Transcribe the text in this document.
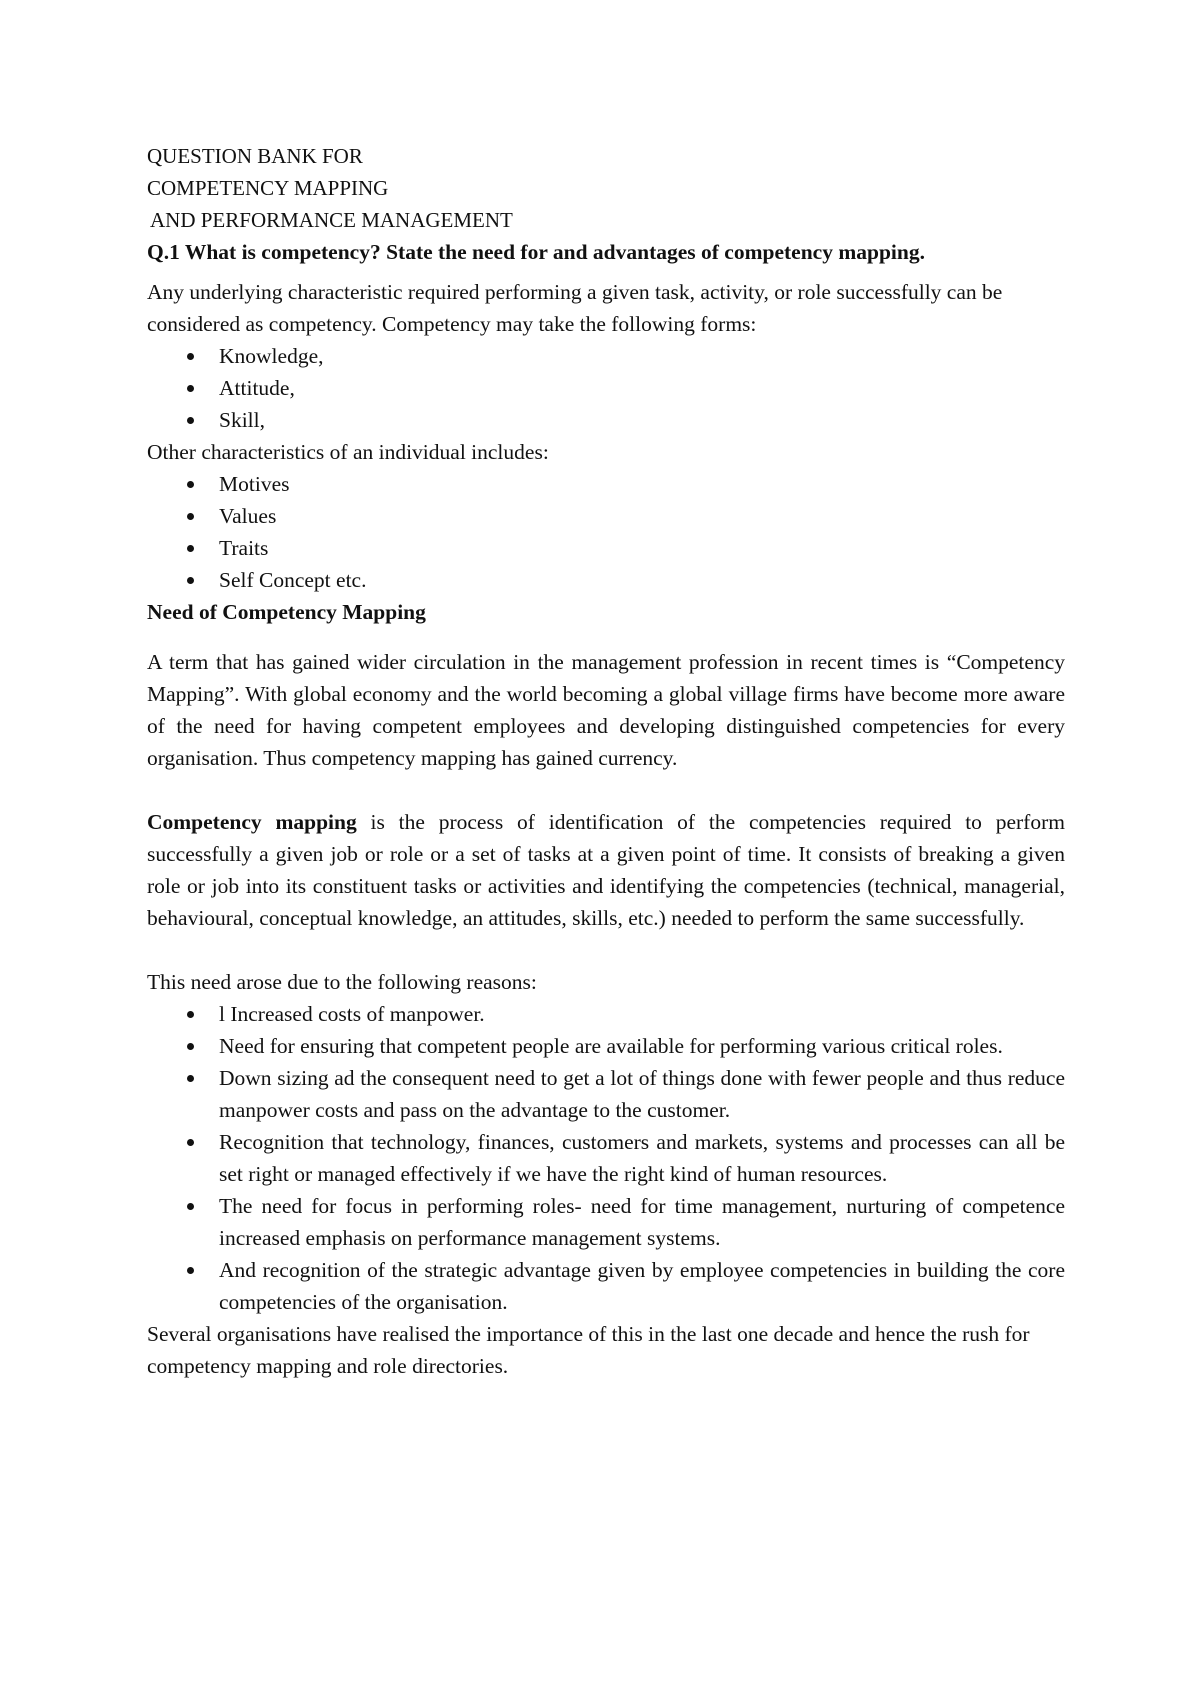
QUESTION BANK FOR

COMPETENCY MAPPING

AND PERFORMANCE MANAGEMENT

Q.1 What is competency? State the need for and advantages of competency mapping.

Any underlying characteristic required performing a given task, activity, or role successfully can be considered as competency. Competency may take the following forms:

Knowledge,
Attitude,
Skill,

Other characteristics of an individual includes:

Motives
Values
Traits
Self Concept etc.

Need of Competency Mapping

A term that has gained wider circulation in the management profession in recent times is “Competency Mapping”. With global economy and the world becoming a global village firms have become more aware of the need for having competent employees and developing distinguished competencies for every organisation. Thus competency mapping has gained currency.

Competency mapping is the process of identification of the competencies required to perform successfully a given job or role or a set of tasks at a given point of time. It consists of breaking a given role or job into its constituent tasks or activities and identifying the competencies (technical, managerial, behavioural, conceptual knowledge, an attitudes, skills, etc.) needed to perform the same successfully.

This need arose due to the following reasons:

l Increased costs of manpower.
Need for ensuring that competent people are available for performing various critical roles.
Down sizing ad the consequent need to get a lot of things done with fewer people and thus reduce manpower costs and pass on the advantage to the customer.
Recognition that technology, finances, customers and markets, systems and processes can all be set right or managed effectively if we have the right kind of human resources.
The need for focus in performing roles- need for time management, nurturing of competence increased emphasis on performance management systems.
And recognition of the strategic advantage given by employee competencies in building the core competencies of the organisation.

Several organisations have realised the importance of this in the last one decade and hence the rush for competency mapping and role directories.
